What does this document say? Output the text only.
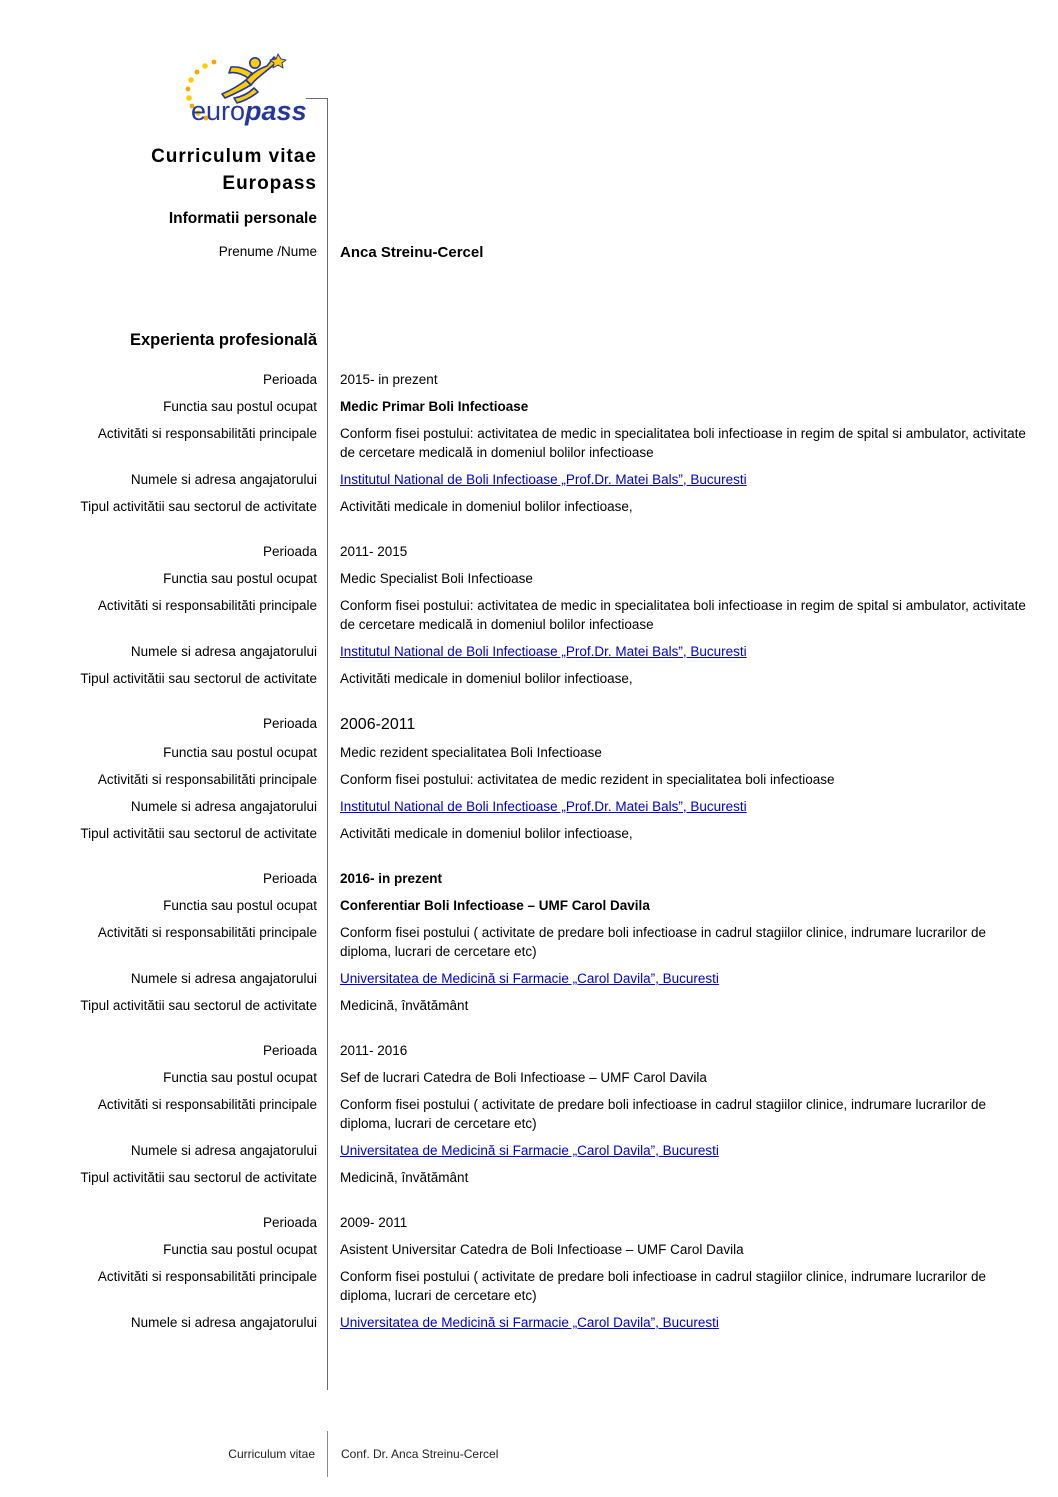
europass
Curriculum vitae
Europass
Informatii personale
Prenume /Nume	Anca Streinu-Cercel
Experienta profesională
Perioada	2015- in prezent
Functia sau postul ocupat	Medic Primar Boli Infectioase
Activităti si responsabilităti principale	Conform fisei postului: activitatea de medic in specialitatea boli infectioase in regim de spital si ambulator, activitate de cercetare medicală in domeniul bolilor infectioase
Numele si adresa angajatorului	Institutul National de Boli Infectioase „Prof.Dr. Matei Bals”, Bucuresti
Tipul activitătii sau sectorul de activitate	Activităti medicale in domeniul bolilor infectioase,
Perioada	2011- 2015
Functia sau postul ocupat	Medic Specialist Boli Infectioase
Activităti si responsabilităti principale	Conform fisei postului: activitatea de medic in specialitatea boli infectioase in regim de spital si ambulator, activitate de cercetare medicală in domeniul bolilor infectioase
Numele si adresa angajatorului	Institutul National de Boli Infectioase „Prof.Dr. Matei Bals”, Bucuresti
Tipul activitătii sau sectorul de activitate	Activităti medicale in domeniul bolilor infectioase,
Perioada	2006-2011
Functia sau postul ocupat	Medic rezident specialitatea Boli Infectioase
Activităti si responsabilităti principale	Conform fisei postului: activitatea de medic rezident in specialitatea boli infectioase
Numele si adresa angajatorului	Institutul National de Boli Infectioase „Prof.Dr. Matei Bals”, Bucuresti
Tipul activitătii sau sectorul de activitate	Activităti medicale in domeniul bolilor infectioase,
Perioada	2016- in prezent
Functia sau postul ocupat	Conferentiar Boli Infectioase – UMF Carol Davila
Activităti si responsabilităti principale	Conform fisei postului ( activitate de predare boli infectioase in cadrul stagiilor clinice, indrumare lucrarilor de diploma, lucrari de cercetare etc)
Numele si adresa angajatorului	Universitatea de Medicină si Farmacie „Carol Davila”, Bucuresti
Tipul activitătii sau sectorul de activitate	Medicină, învătământ
Perioada	2011- 2016
Functia sau postul ocupat	Sef de lucrari Catedra de Boli Infectioase – UMF Carol Davila
Activităti si responsabilităti principale	Conform fisei postului ( activitate de predare boli infectioase in cadrul stagiilor clinice, indrumare lucrarilor de diploma, lucrari de cercetare etc)
Numele si adresa angajatorului	Universitatea de Medicină si Farmacie „Carol Davila”, Bucuresti
Tipul activitătii sau sectorul de activitate	Medicină, învătământ
Perioada	2009- 2011
Functia sau postul ocupat	Asistent Universitar Catedra de Boli Infectioase – UMF Carol Davila
Activităti si responsabilităti principale	Conform fisei postului ( activitate de predare boli infectioase in cadrul stagiilor clinice, indrumare lucrarilor de diploma, lucrari de cercetare etc)
Numele si adresa angajatorului	Universitatea de Medicină si Farmacie „Carol Davila”, Bucuresti
Curriculum vitae	Conf. Dr. Anca Streinu-Cercel
